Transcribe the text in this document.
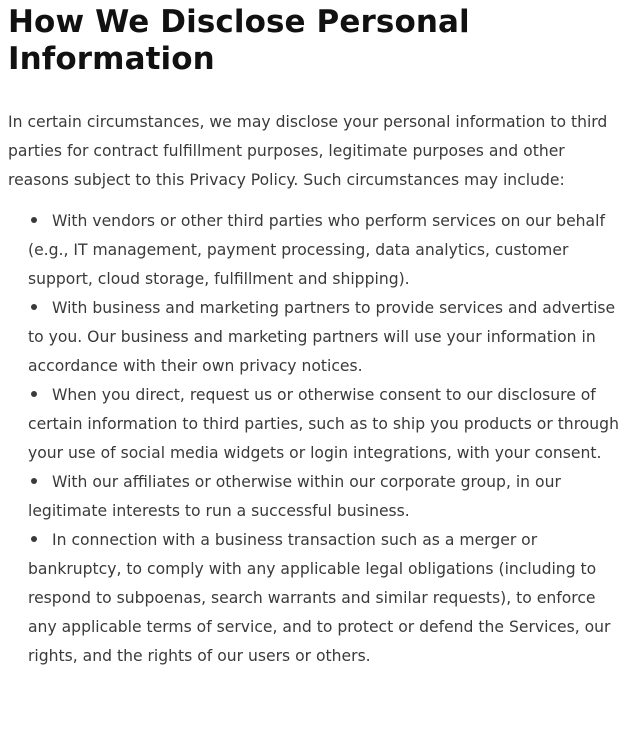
How We Disclose Personal Information

In certain circumstances, we may disclose your personal information to third parties for contract fulfillment purposes, legitimate purposes and other reasons subject to this Privacy Policy. Such circumstances may include:

With vendors or other third parties who perform services on our behalf (e.g., IT management, payment processing, data analytics, customer support, cloud storage, fulfillment and shipping).
With business and marketing partners to provide services and advertise to you. Our business and marketing partners will use your information in accordance with their own privacy notices.
When you direct, request us or otherwise consent to our disclosure of certain information to third parties, such as to ship you products or through your use of social media widgets or login integrations, with your consent.
With our affiliates or otherwise within our corporate group, in our legitimate interests to run a successful business.
In connection with a business transaction such as a merger or bankruptcy, to comply with any applicable legal obligations (including to respond to subpoenas, search warrants and similar requests), to enforce any applicable terms of service, and to protect or defend the Services, our rights, and the rights of our users or others.
